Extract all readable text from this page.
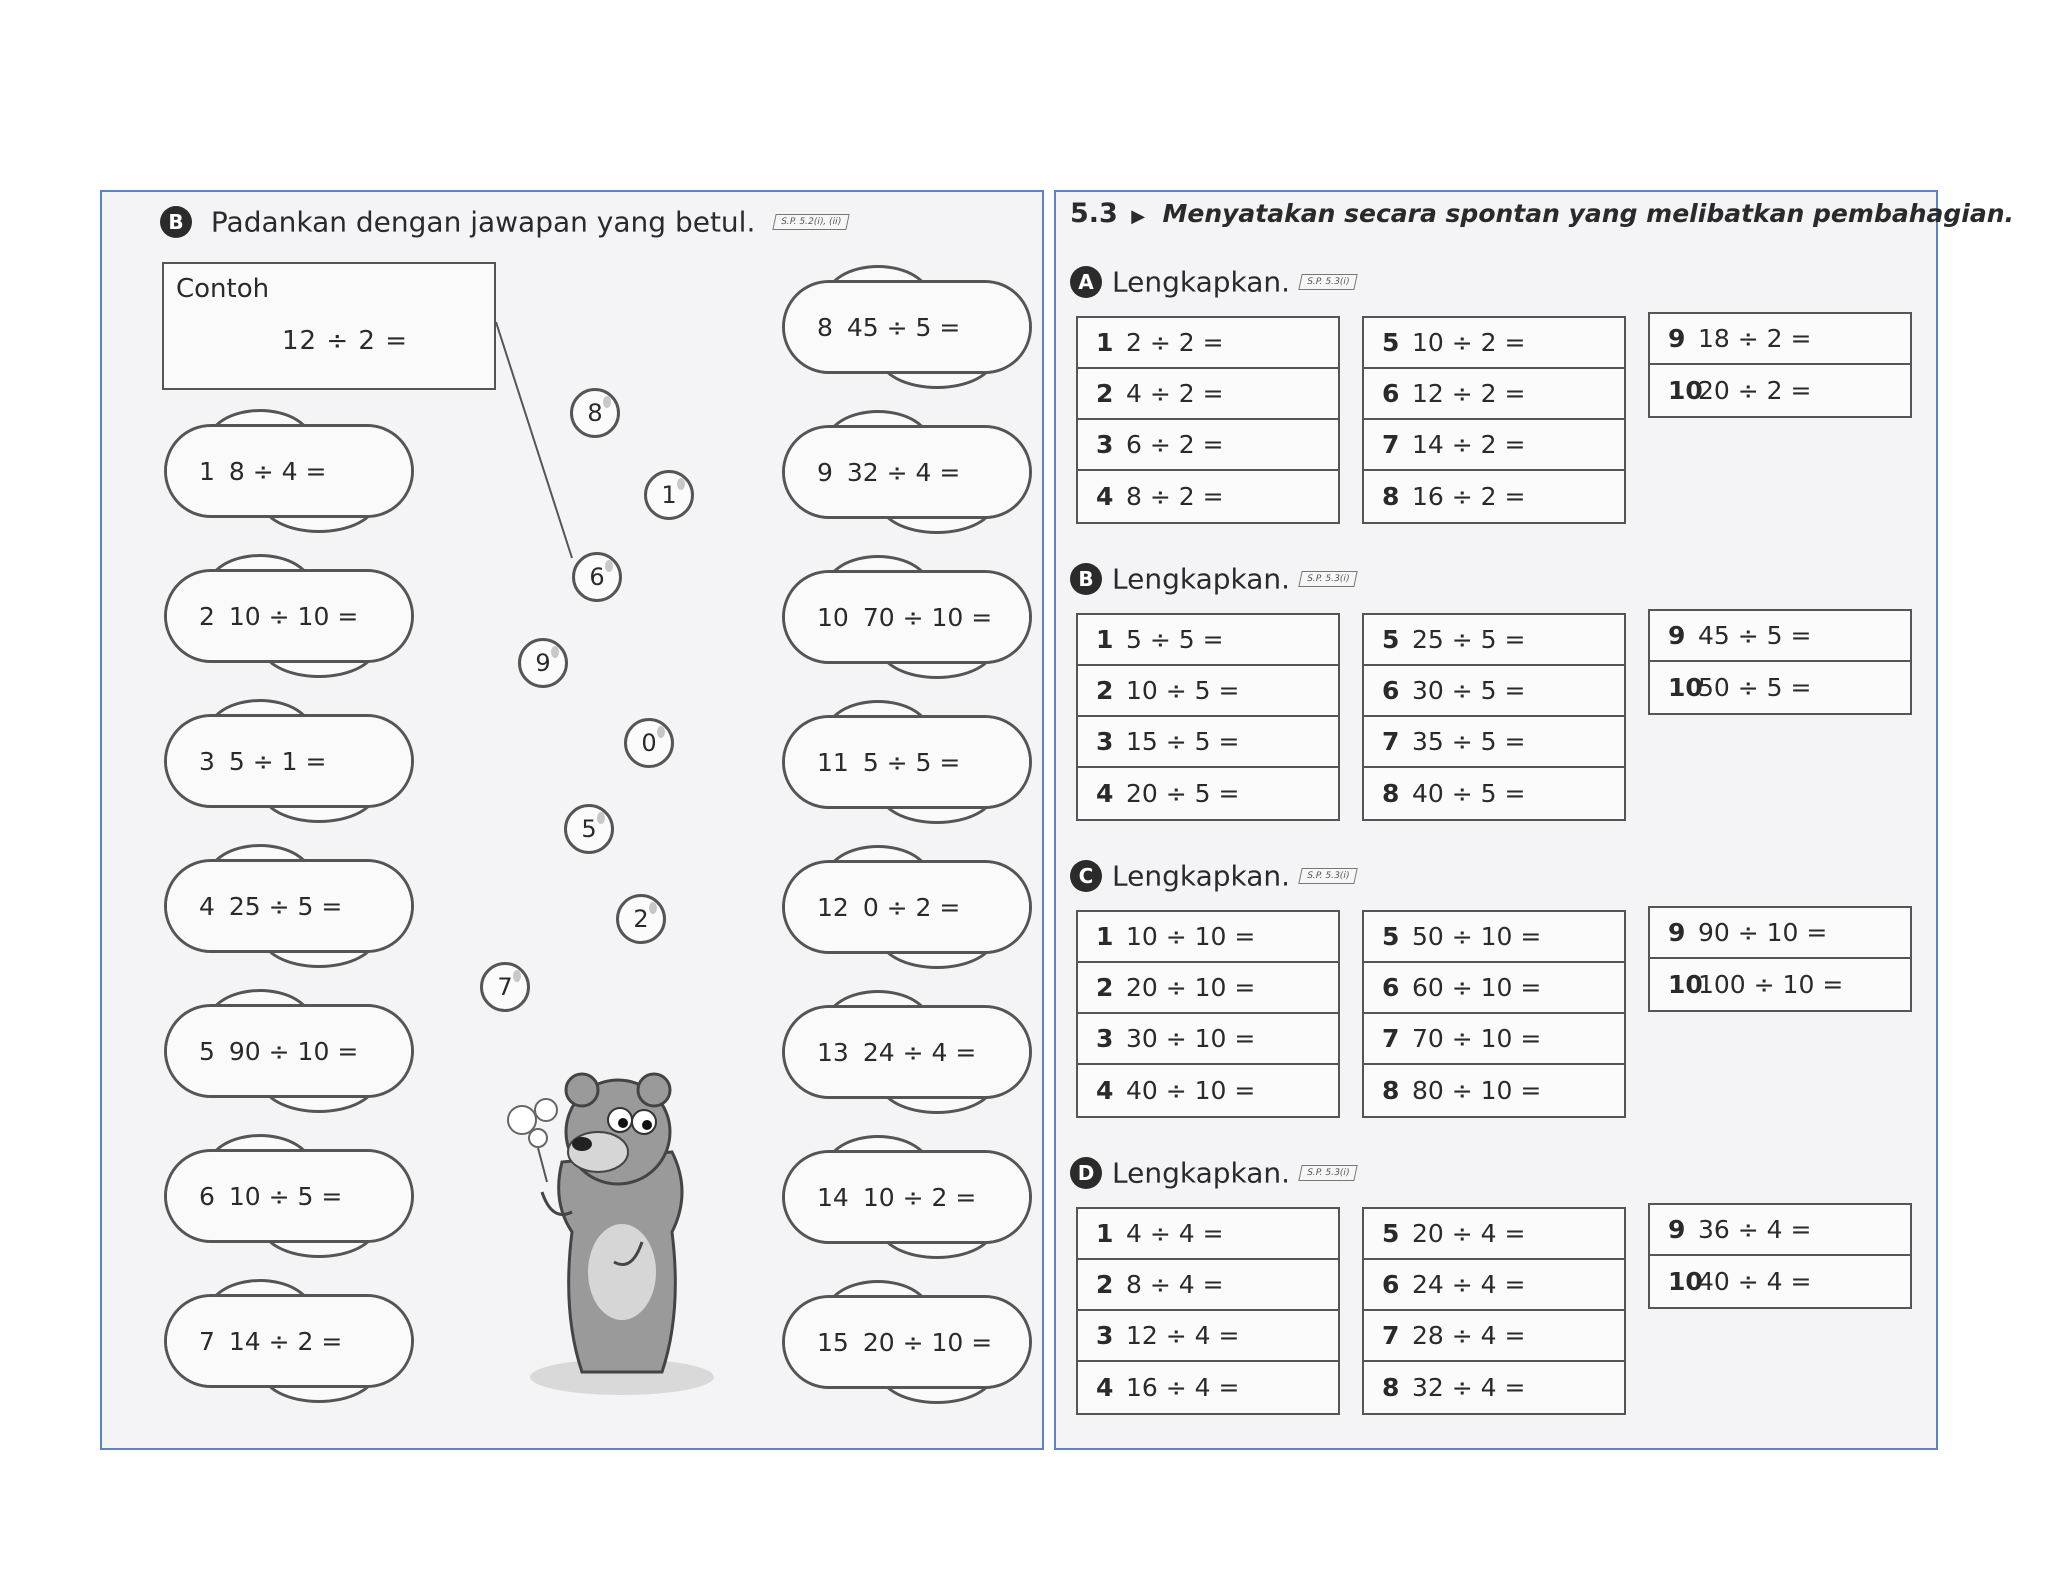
B Padankan dengan jawapan yang betul.	S.P. 5.2(i), (ii)
Contoh
12 ÷ 2 =
1 8 ÷ 4 =
2 10 ÷ 10 =
3 5 ÷ 1 =
4 25 ÷ 5 =
5 90 ÷ 10 =
6 10 ÷ 5 =
7 14 ÷ 2 =
8 45 ÷ 5 =
9 32 ÷ 4 =
10 70 ÷ 10 =
11 5 ÷ 5 =
12 0 ÷ 2 =
13 24 ÷ 4 =
14 10 ÷ 2 =
15 20 ÷ 10 =
8
1
6
9
0
5
2
7
5.3 ▶ Menyatakan secara spontan yang melibatkan pembahagian.
A Lengkapkan. S.P. 5.3(i)
1 2 ÷ 2 =
2 4 ÷ 2 =
3 6 ÷ 2 =
4 8 ÷ 2 =
5 10 ÷ 2 =
6 12 ÷ 2 =
7 14 ÷ 2 =
8 16 ÷ 2 =
9 18 ÷ 2 =
10
20 ÷ 2 =
B Lengkapkan. S.P. 5.3(i)
1 5 ÷ 5 =
2 10 ÷ 5 =
3 15 ÷ 5 =
4 20 ÷ 5 =
5 25 ÷ 5 =
6 30 ÷ 5 =
7 35 ÷ 5 =
8 40 ÷ 5 =
9 45 ÷ 5 =
10
50 ÷ 5 =
C Lengkapkan. S.P. 5.3(i)
1 10 ÷ 10 =
2 20 ÷ 10 =
3 30 ÷ 10 =
4 40 ÷ 10 =
5 50 ÷ 10 =
6 60 ÷ 10 =
7 70 ÷ 10 =
8 80 ÷ 10 =
9 90 ÷ 10 =
10
100 ÷ 10 =
D Lengkapkan. S.P. 5.3(i)
1 4 ÷ 4 =
2 8 ÷ 4 =
3 12 ÷ 4 =
4 16 ÷ 4 =
5 20 ÷ 4 =
6 24 ÷ 4 =
7 28 ÷ 4 =
8 32 ÷ 4 =
9 36 ÷ 4 =
10
40 ÷ 4 =
